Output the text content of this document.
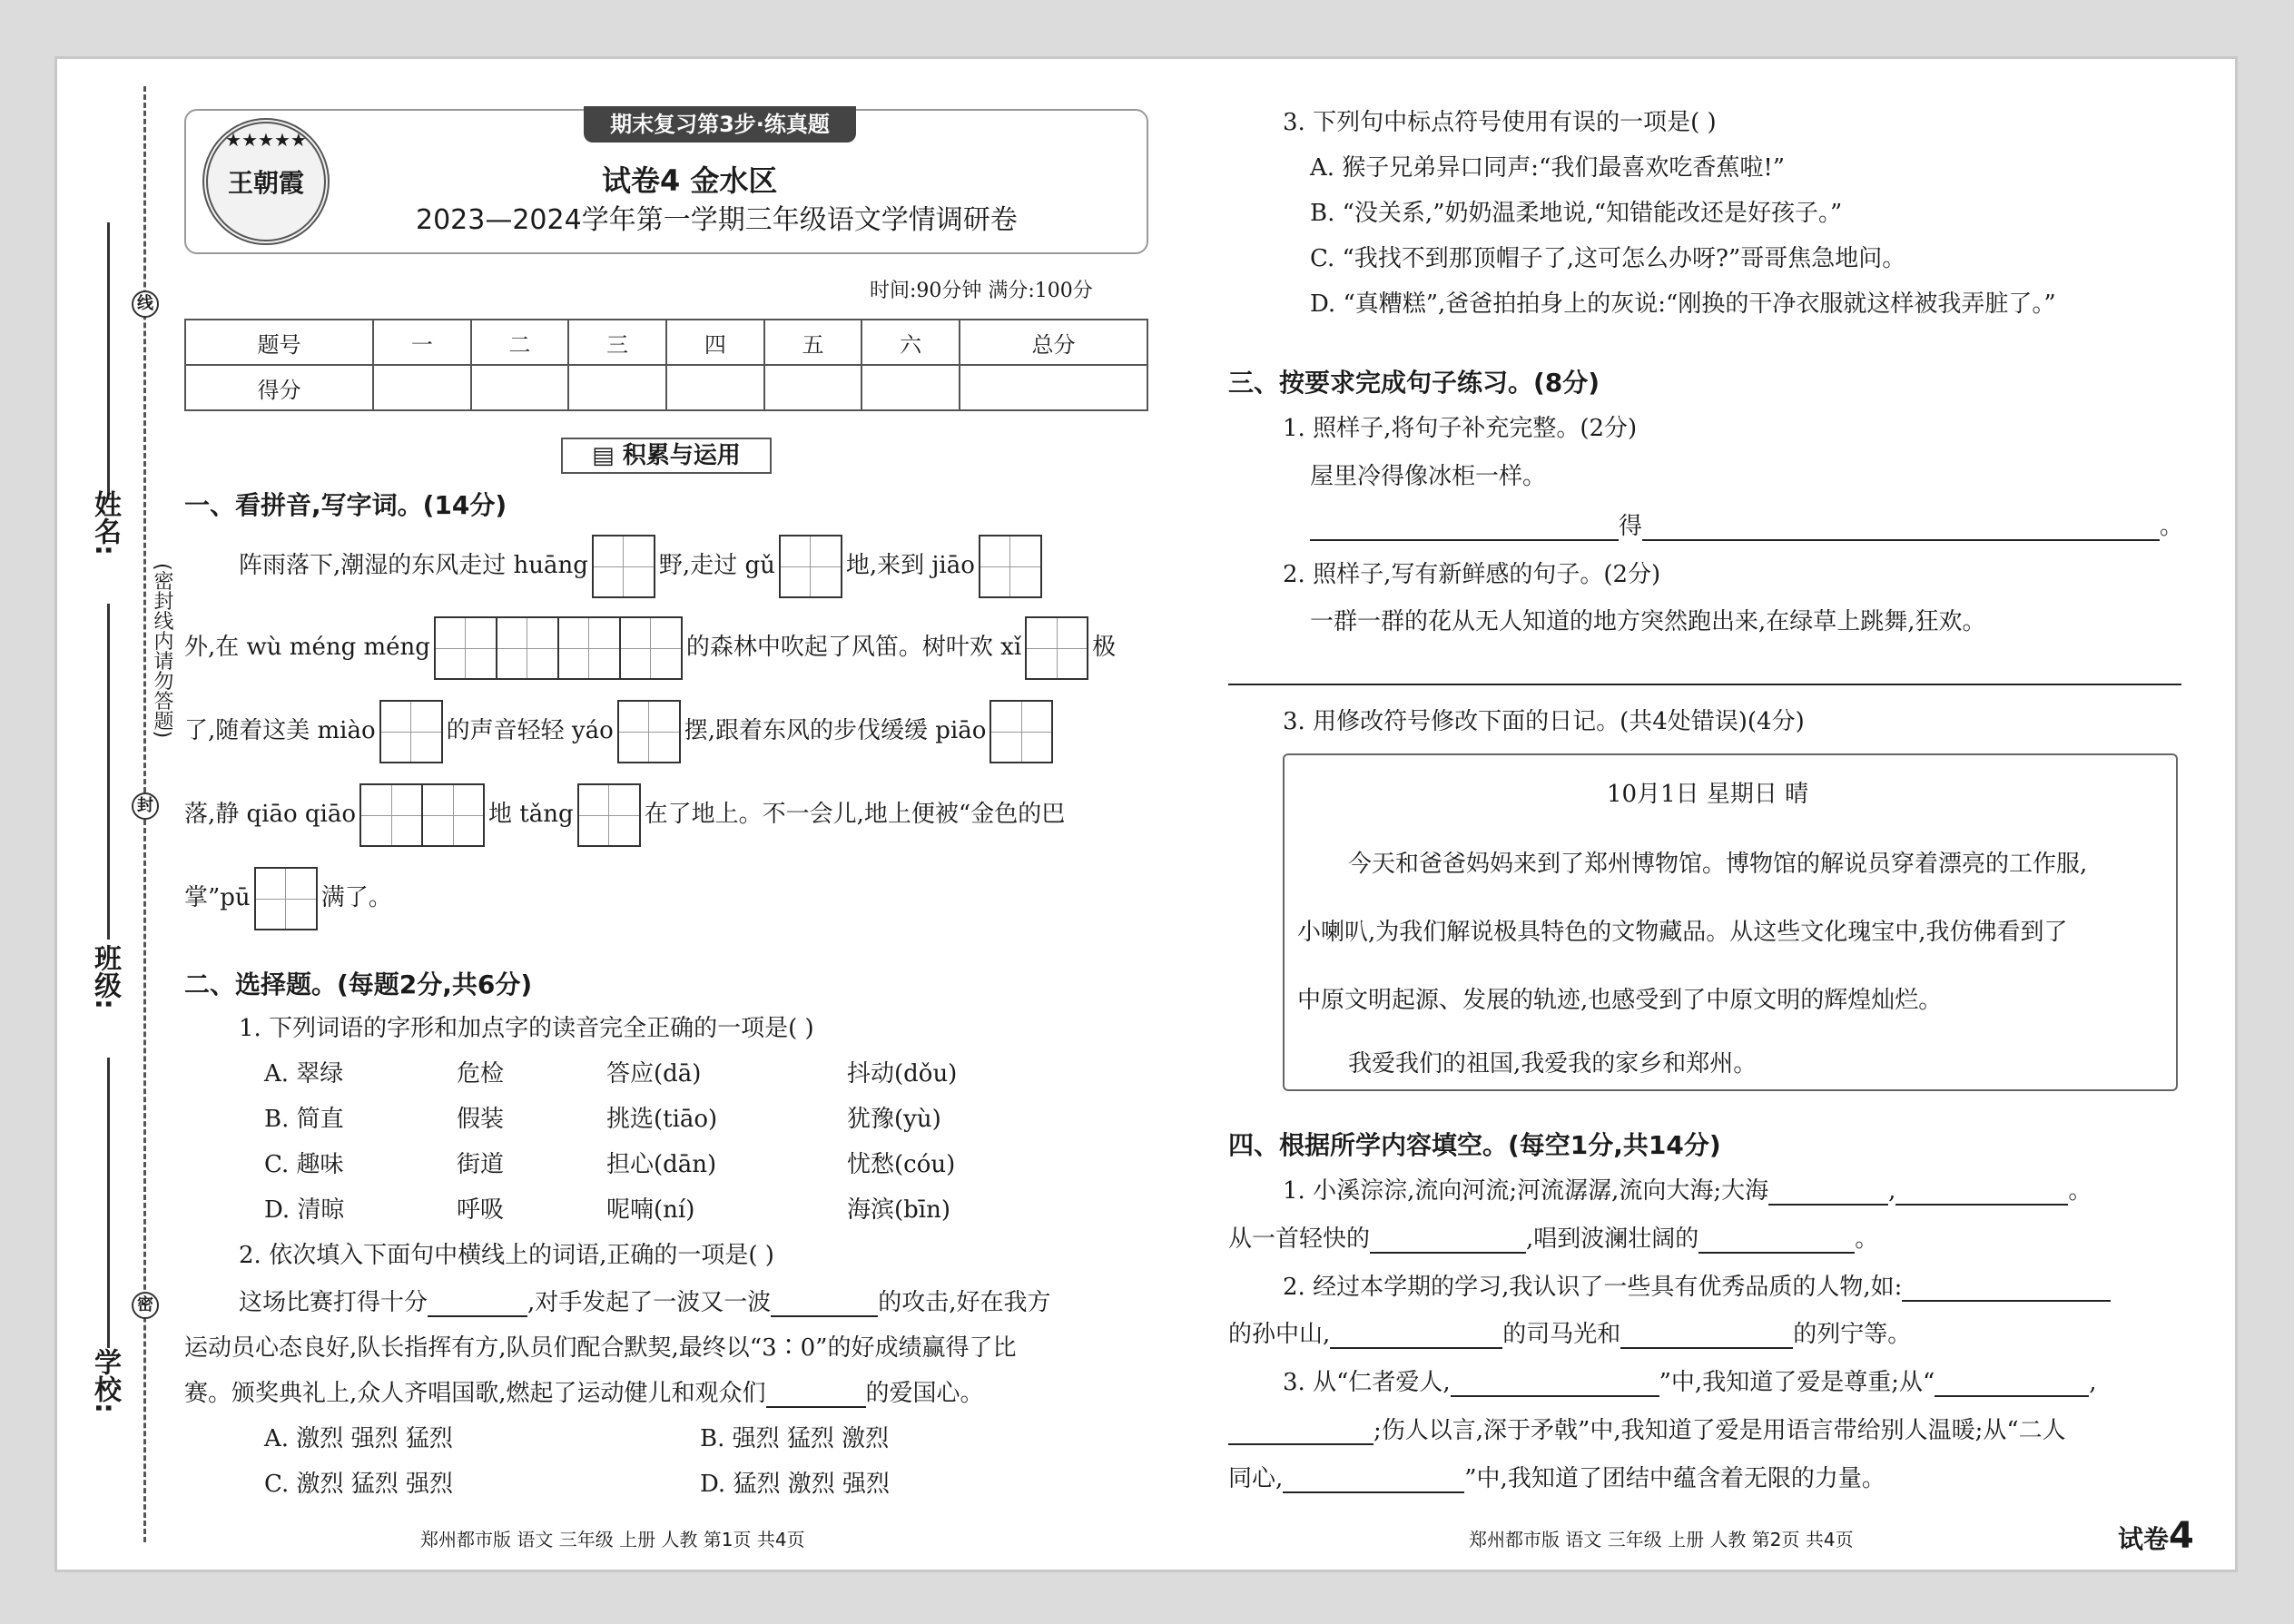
线
封
密
姓名:
班级:
学校:
(密封线内请勿答题)
★★★★★
王朝霞
期末复习第3步·练真题
试卷4 金水区
2023—2024学年第一学期三年级语文学情调研卷
时间:90分钟 满分:100分
题号	一	二	三	四	五	六	总分
得分							
▤ 积累与运用
一、看拼音,写字词。(14分)
阵雨落下,潮湿的东风走过 huāng	野,走过 gǔ	地,来到 jiāo
外,在 wù méng méng	的森林中吹起了风笛。树叶欢 xǐ	极
了,随着这美 miào	的声音轻轻 yáo	摆,跟着东风的步伐缓缓 piāo
落,静 qiāo qiāo	地 tǎng	在了地上。不一会儿,地上便被“金色的巴
掌”pū	满了。
二、选择题。(每题2分,共6分)
1. 下列词语的字形和加点字的读音完全正确的一项是( )
A. 翠绿	危检	答应(dā)	抖动(dǒu)
B. 简直	假装	挑选(tiāo)	犹豫(yù)
C. 趣味	街道	担心(dān)	忧愁(cóu)
D. 清晾	呼吸	呢喃(ní)	海滨(bīn)
2. 依次填入下面句中横线上的词语,正确的一项是( )
这场比赛打得十分	,对手发起了一波又一波	的攻击,好在我方
运动员心态良好,队长指挥有方,队员们配合默契,最终以“3∶0”的好成绩赢得了比
赛。颁奖典礼上,众人齐唱国歌,燃起了运动健儿和观众们	的爱国心。
A. 激烈 强烈 猛烈	B. 强烈 猛烈 激烈
C. 激烈 猛烈 强烈	D. 猛烈 激烈 强烈
3. 下列句中标点符号使用有误的一项是( )
A. 猴子兄弟异口同声:“我们最喜欢吃香蕉啦!”
B. “没关系,”奶奶温柔地说,“知错能改还是好孩子。”
C. “我找不到那顶帽子了,这可怎么办呀?”哥哥焦急地问。
D. “真糟糕”,爸爸拍拍身上的灰说:“刚换的干净衣服就这样被我弄脏了。”
三、按要求完成句子练习。(8分)
1. 照样子,将句子补充完整。(2分)
屋里冷得像冰柜一样。
得	。
2. 照样子,写有新鲜感的句子。(2分)
一群一群的花从无人知道的地方突然跑出来,在绿草上跳舞,狂欢。
3. 用修改符号修改下面的日记。(共4处错误)(4分)
10月1日 星期日 晴
今天和爸爸妈妈来到了郑州博物馆。博物馆的解说员穿着漂亮的工作服,
小喇叭,为我们解说极具特色的文物藏品。从这些文化瑰宝中,我仿佛看到了
中原文明起源、发展的轨迹,也感受到了中原文明的辉煌灿烂。
我爱我们的祖国,我爱我的家乡和郑州。
四、根据所学内容填空。(每空1分,共14分)
1. 小溪淙淙,流向河流;河流潺潺,流向大海;大海	,	。
从一首轻快的	,唱到波澜壮阔的	。
2. 经过本学期的学习,我认识了一些具有优秀品质的人物,如:
的孙中山,	的司马光和	的列宁等。
3. 从“仁者爱人,	”中,我知道了爱是尊重;从“	,
;伤人以言,深于矛戟”中,我知道了爱是用语言带给别人温暖;从“二人
同心,	”中,我知道了团结中蕴含着无限的力量。
郑州都市版 语文 三年级 上册 人教 第1页 共4页	郑州都市版 语文 三年级 上册 人教 第2页 共4页	试卷4
